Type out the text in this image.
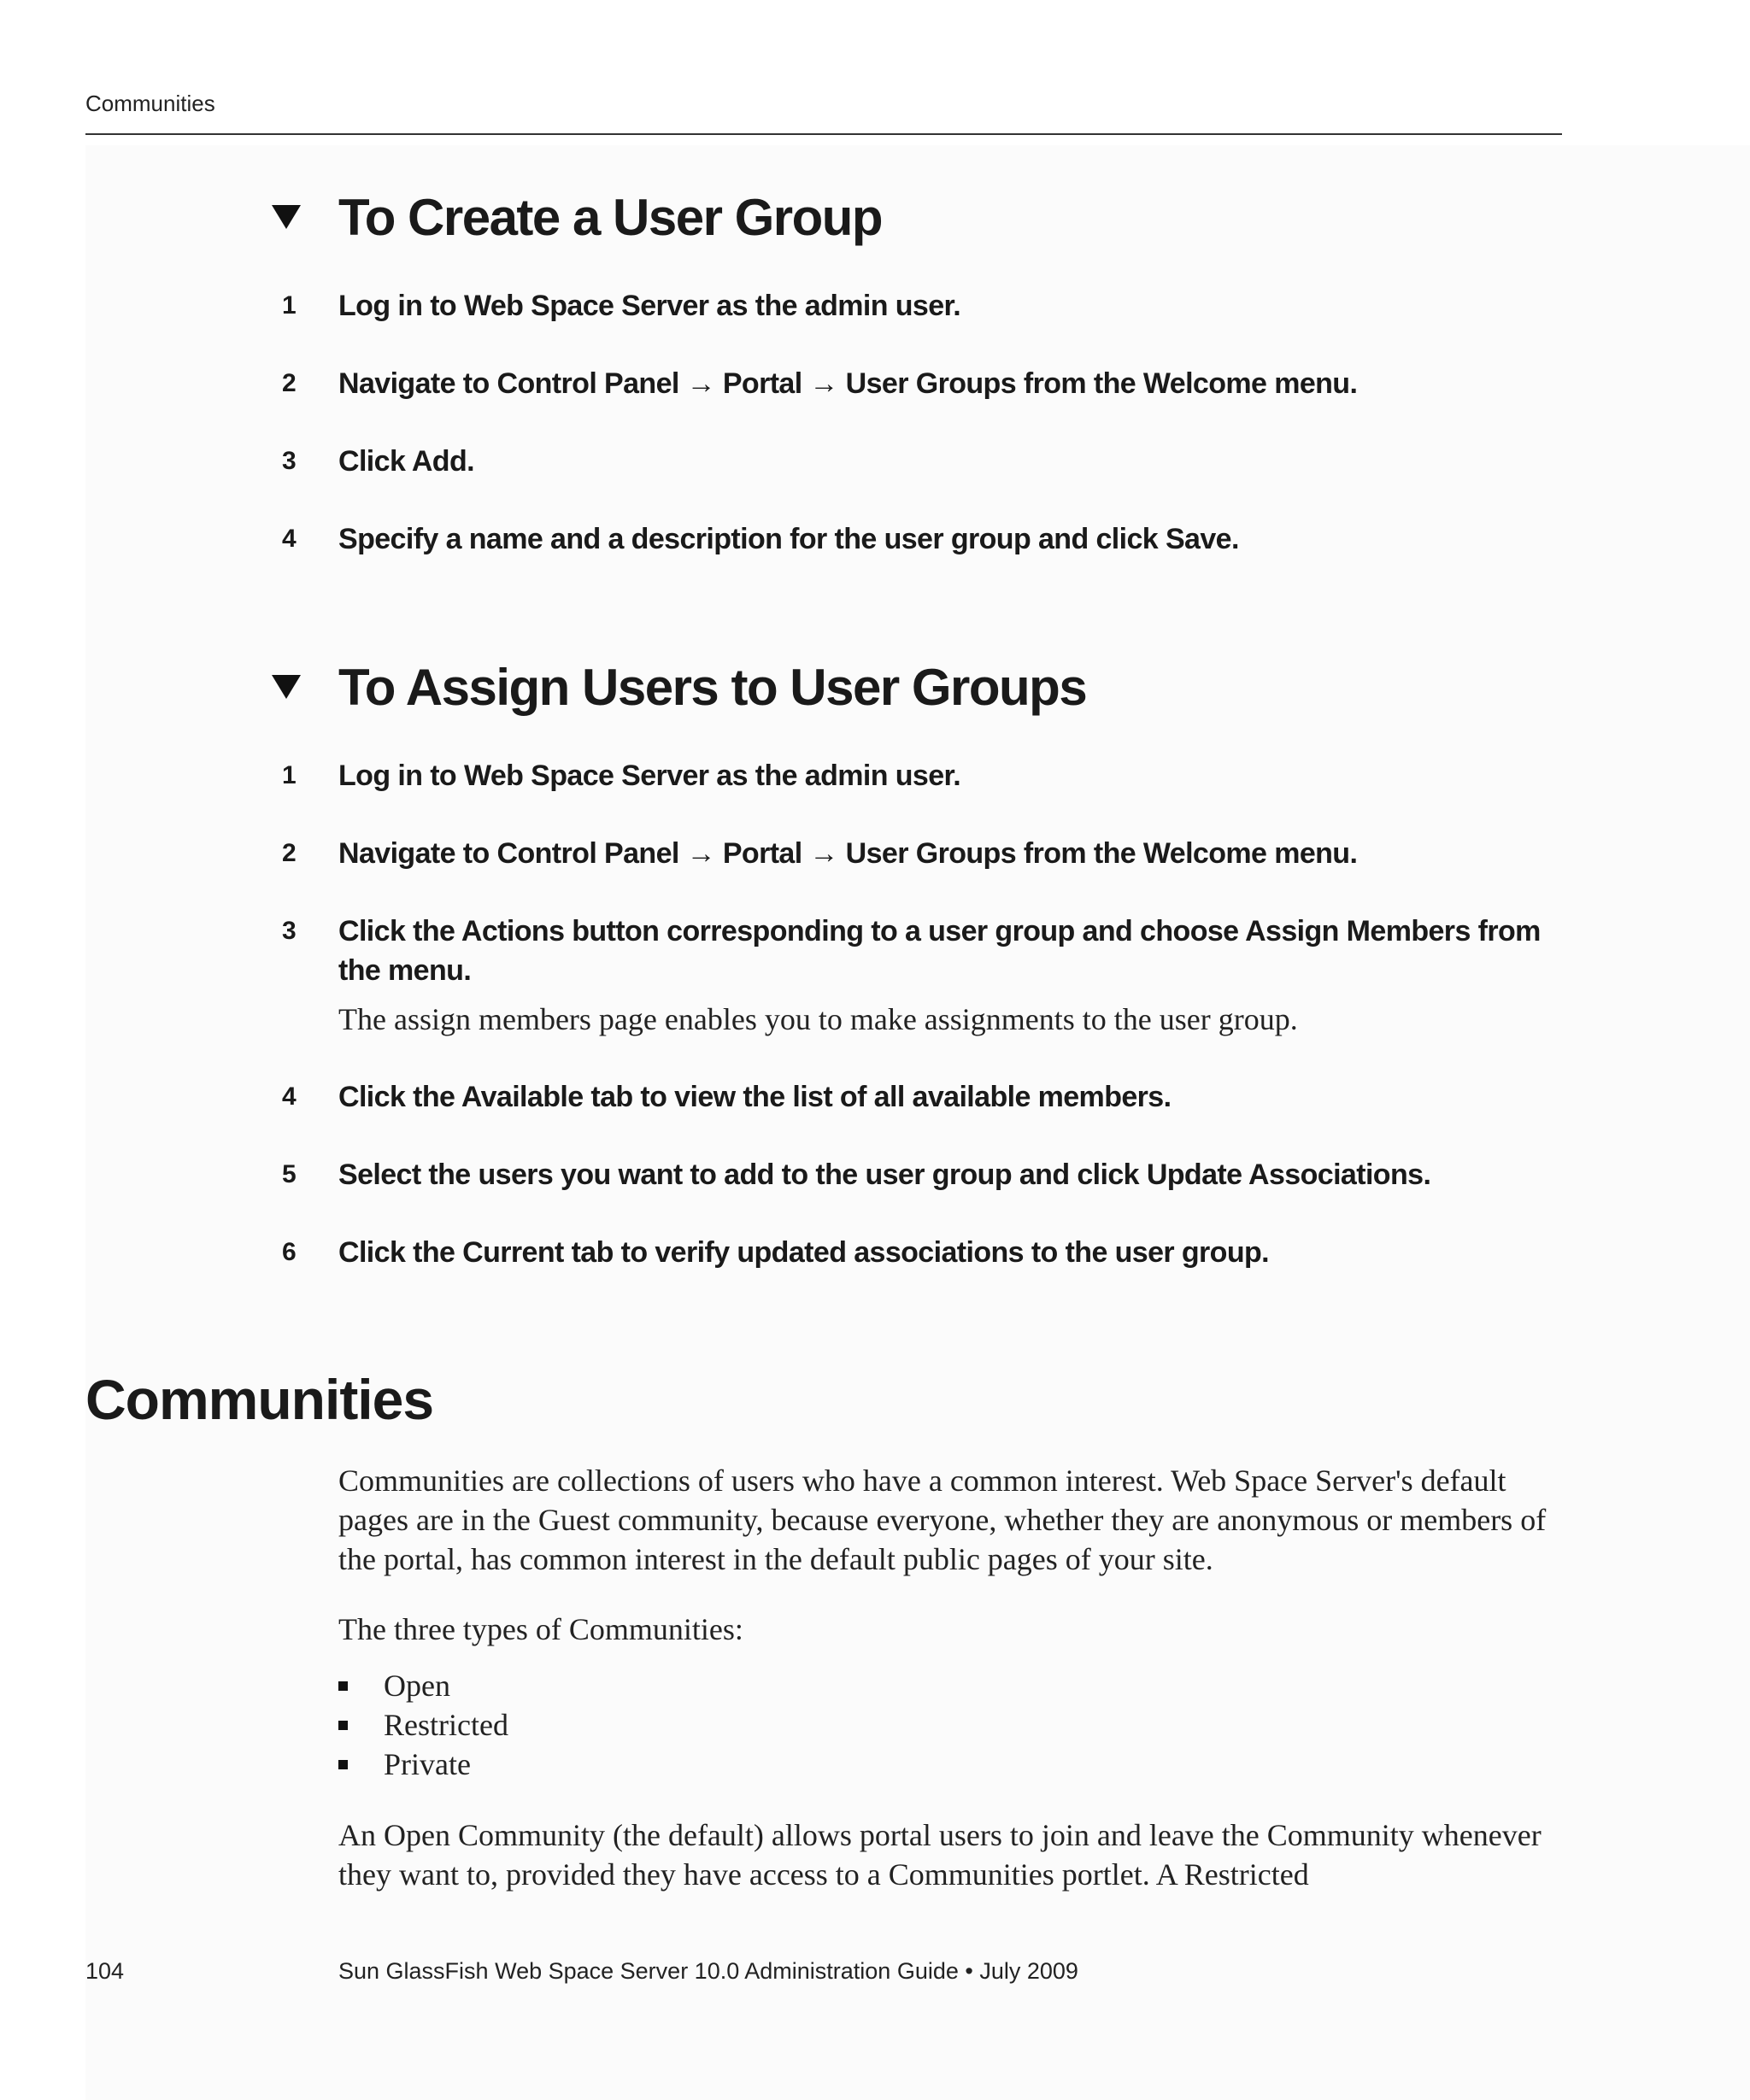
Communities
To Create a User Group
1	Log in to Web Space Server as the admin user.
2	Navigate to Control Panel → Portal → User Groups from the Welcome menu.
3	Click Add.
4	Specify a name and a description for the user group and click Save.
To Assign Users to User Groups
1	Log in to Web Space Server as the admin user.
2	Navigate to Control Panel → Portal → User Groups from the Welcome menu.
3	Click the Actions button corresponding to a user group and choose Assign Members from the menu.
The assign members page enables you to make assignments to the user group.
4	Click the Available tab to view the list of all available members.
5	Select the users you want to add to the user group and click Update Associations.
6	Click the Current tab to verify updated associations to the user group.
Communities
Communities are collections of users who have a common interest. Web Space Server's default pages are in the Guest community, because everyone, whether they are anonymous or members of the portal, has common interest in the default public pages of your site.
The three types of Communities:
Open
Restricted
Private
An Open Community (the default) allows portal users to join and leave the Community whenever they want to, provided they have access to a Communities portlet. A Restricted
104	Sun GlassFish Web Space Server 10.0 Administration Guide • July 2009
